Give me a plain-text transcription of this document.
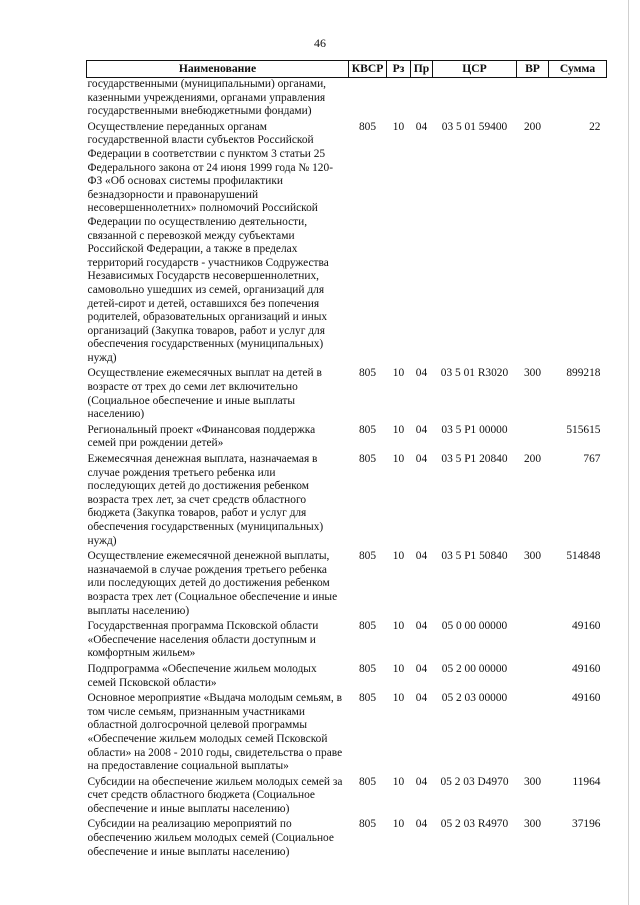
46
Наименование	КВСР	Рз	Пр	ЦСР	ВР	Сумма
государственными (муниципальными) органами, казенными учреждениями, органами управления государственными внебюджетными фондами)						
Осуществление переданных органам государственной власти субъектов Российской Федерации в соответствии с пунктом 3 статьи 25 Федерального закона от 24 июня 1999 года № 120-ФЗ «Об основах системы профилактики безнадзорности и правонарушений несовершеннолетних» полномочий Российской Федерации по осуществлению деятельности, связанной с перевозкой между субъектами Российской Федерации, а также в пределах территорий государств - участников Содружества Независимых Государств несовершеннолетних, самовольно ушедших из семей, организаций для детей-сирот и детей, оставшихся без попечения родителей, образовательных организаций и иных организаций (Закупка товаров, работ и услуг для обеспечения государственных (муниципальных) нужд)	805	10	04	03 5 01 59400	200	22
Осуществление ежемесячных выплат на детей в возрасте от трех до семи лет включительно (Социальное обеспечение и иные выплаты населению)	805	10	04	03 5 01 R3020	300	899218
Региональный проект «Финансовая поддержка семей при рождении детей»	805	10	04	03 5 P1 00000		515615
Ежемесячная денежная выплата, назначаемая в случае рождения третьего ребенка или последующих детей до достижения ребенком возраста трех лет, за счет средств областного бюджета (Закупка товаров, работ и услуг для обеспечения государственных (муниципальных) нужд)	805	10	04	03 5 P1 20840	200	767
Осуществление ежемесячной денежной выплаты, назначаемой в случае рождения третьего ребенка или последующих детей до достижения ребенком возраста трех лет (Социальное обеспечение и иные выплаты населению)	805	10	04	03 5 P1 50840	300	514848
Государственная программа Псковской области «Обеспечение населения области доступным и комфортным жильем»	805	10	04	05 0 00 00000		49160
Подпрограмма «Обеспечение жильем молодых семей Псковской области»	805	10	04	05 2 00 00000		49160
Основное мероприятие «Выдача молодым семьям, в том числе семьям, признанным участниками областной долгосрочной целевой программы «Обеспечение жильем молодых семей Псковской области» на 2008 - 2010 годы, свидетельства о праве на предоставление социальной выплаты»	805	10	04	05 2 03 00000		49160
Субсидии на обеспечение жильем молодых семей за счет средств областного бюджета (Социальное обеспечение и иные выплаты населению)	805	10	04	05 2 03 D4970	300	11964
Субсидии на реализацию мероприятий по обеспечению жильем молодых семей (Социальное обеспечение и иные выплаты населению)	805	10	04	05 2 03 R4970	300	37196
